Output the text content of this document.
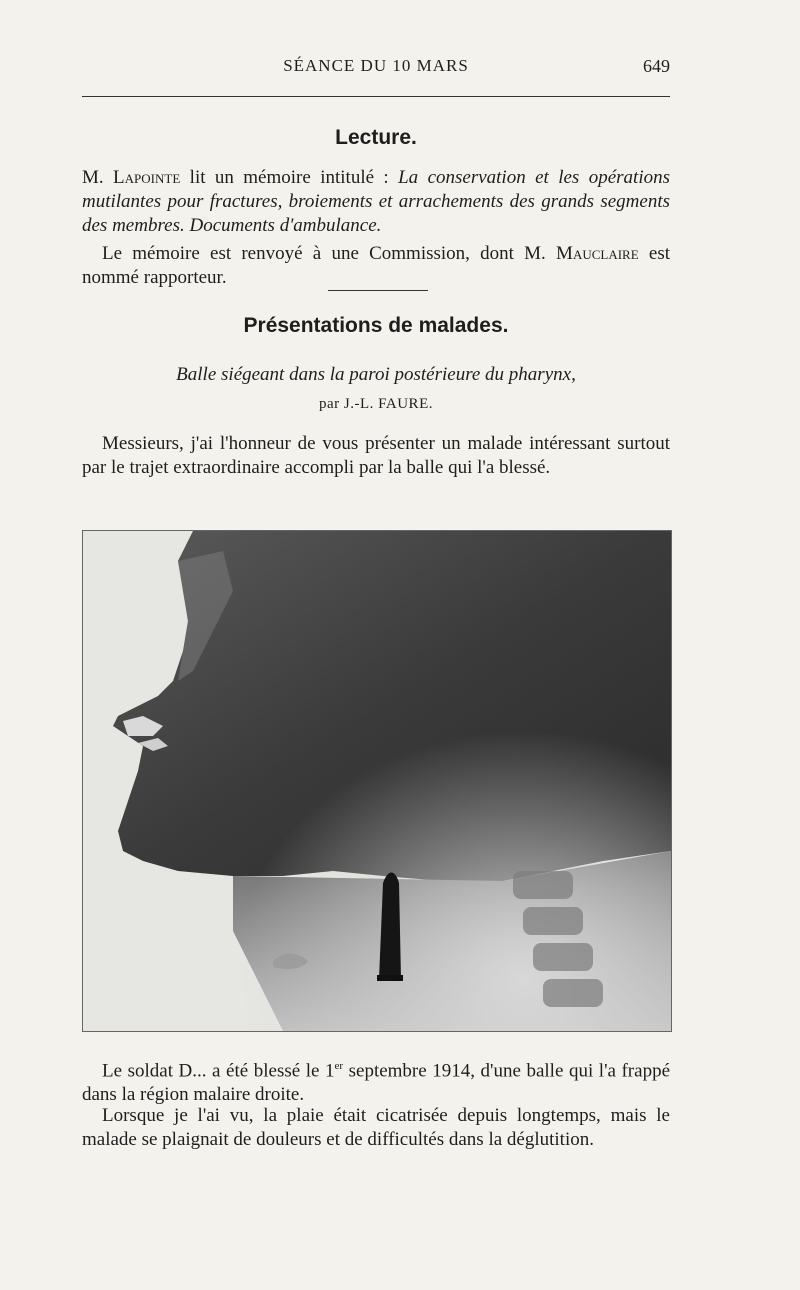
SÉANCE DU 10 MARS	649
Lecture.
M. Lapointe lit un mémoire intitulé : La conservation et les opérations mutilantes pour fractures, broiements et arrachements des grands segments des membres. Documents d'ambulance.
Le mémoire est renvoyé à une Commission, dont M. Mauclaire est nommé rapporteur.
Présentations de malades.
Balle siégeant dans la paroi postérieure du pharynx,
par J.-L. FAURE.
Messieurs, j'ai l'honneur de vous présenter un malade intéressant surtout par le trajet extraordinaire accompli par la balle qui l'a blessé.
Le soldat D... a été blessé le 1er septembre 1914, d'une balle qui l'a frappé dans la région malaire droite.
Lorsque je l'ai vu, la plaie était cicatrisée depuis longtemps, mais le malade se plaignait de douleurs et de difficultés dans la déglutition.
